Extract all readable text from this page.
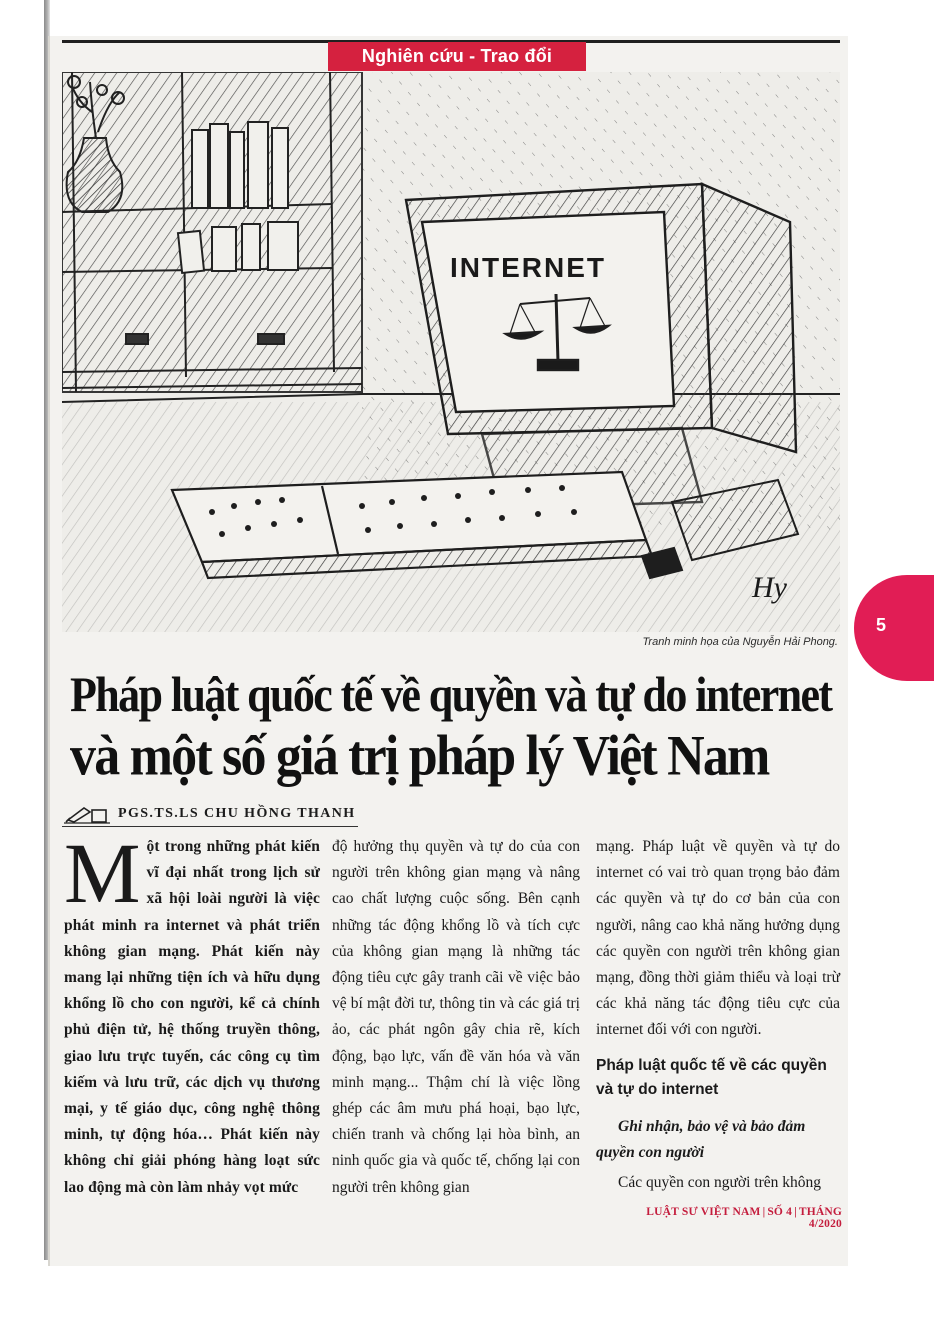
Nghiên cứu - Trao đổi
INTERNET
Hy
Tranh minh họa của Nguyễn Hải Phong.
5
Pháp luật quốc tế về quyền và tự do internet
và một số giá trị pháp lý Việt Nam
PGS.TS.LS CHU HỒNG THANH
M ột trong những phát kiến vĩ đại nhất trong lịch sử xã hội loài người là việc phát minh ra internet và phát triển không gian mạng. Phát kiến này mang lại những tiện ích và hữu dụng khổng lồ cho con người, kể cả chính phủ điện tử, hệ thống truyền thông, giao lưu trực tuyến, các công cụ tìm kiếm và lưu trữ, các dịch vụ thương mại, y tế giáo dục, công nghệ thông minh, tự động hóa… Phát kiến này không chỉ giải phóng hàng loạt sức lao động mà còn làm nhảy vọt mức

độ hưởng thụ quyền và tự do của con người trên không gian mạng và nâng cao chất lượng cuộc sống. Bên cạnh những tác động khổng lồ và tích cực của không gian mạng là những tác động tiêu cực gây tranh cãi về việc bảo vệ bí mật đời tư, thông tin và các giá trị ảo, các phát ngôn gây chia rẽ, kích động, bạo lực, vấn đề văn hóa và văn minh mạng... Thậm chí là việc lồng ghép các âm mưu phá hoại, bạo lực, chiến tranh và chống lại hòa bình, an ninh quốc gia và quốc tế, chống lại con người trên không gian

mạng. Pháp luật về quyền và tự do internet có vai trò quan trọng bảo đảm các quyền và tự do cơ bản của con người, nâng cao khả năng hưởng dụng các quyền con người trên không gian mạng, đồng thời giảm thiểu và loại trừ các khả năng tác động tiêu cực của internet đối với con người.

Pháp luật quốc tế về các quyền và tự do internet

Ghi nhận, bảo vệ và bảo đảm quyền con người

Các quyền con người trên không

LUẬT SƯ VIỆT NAM | SỐ 4 | THÁNG 4/2020
